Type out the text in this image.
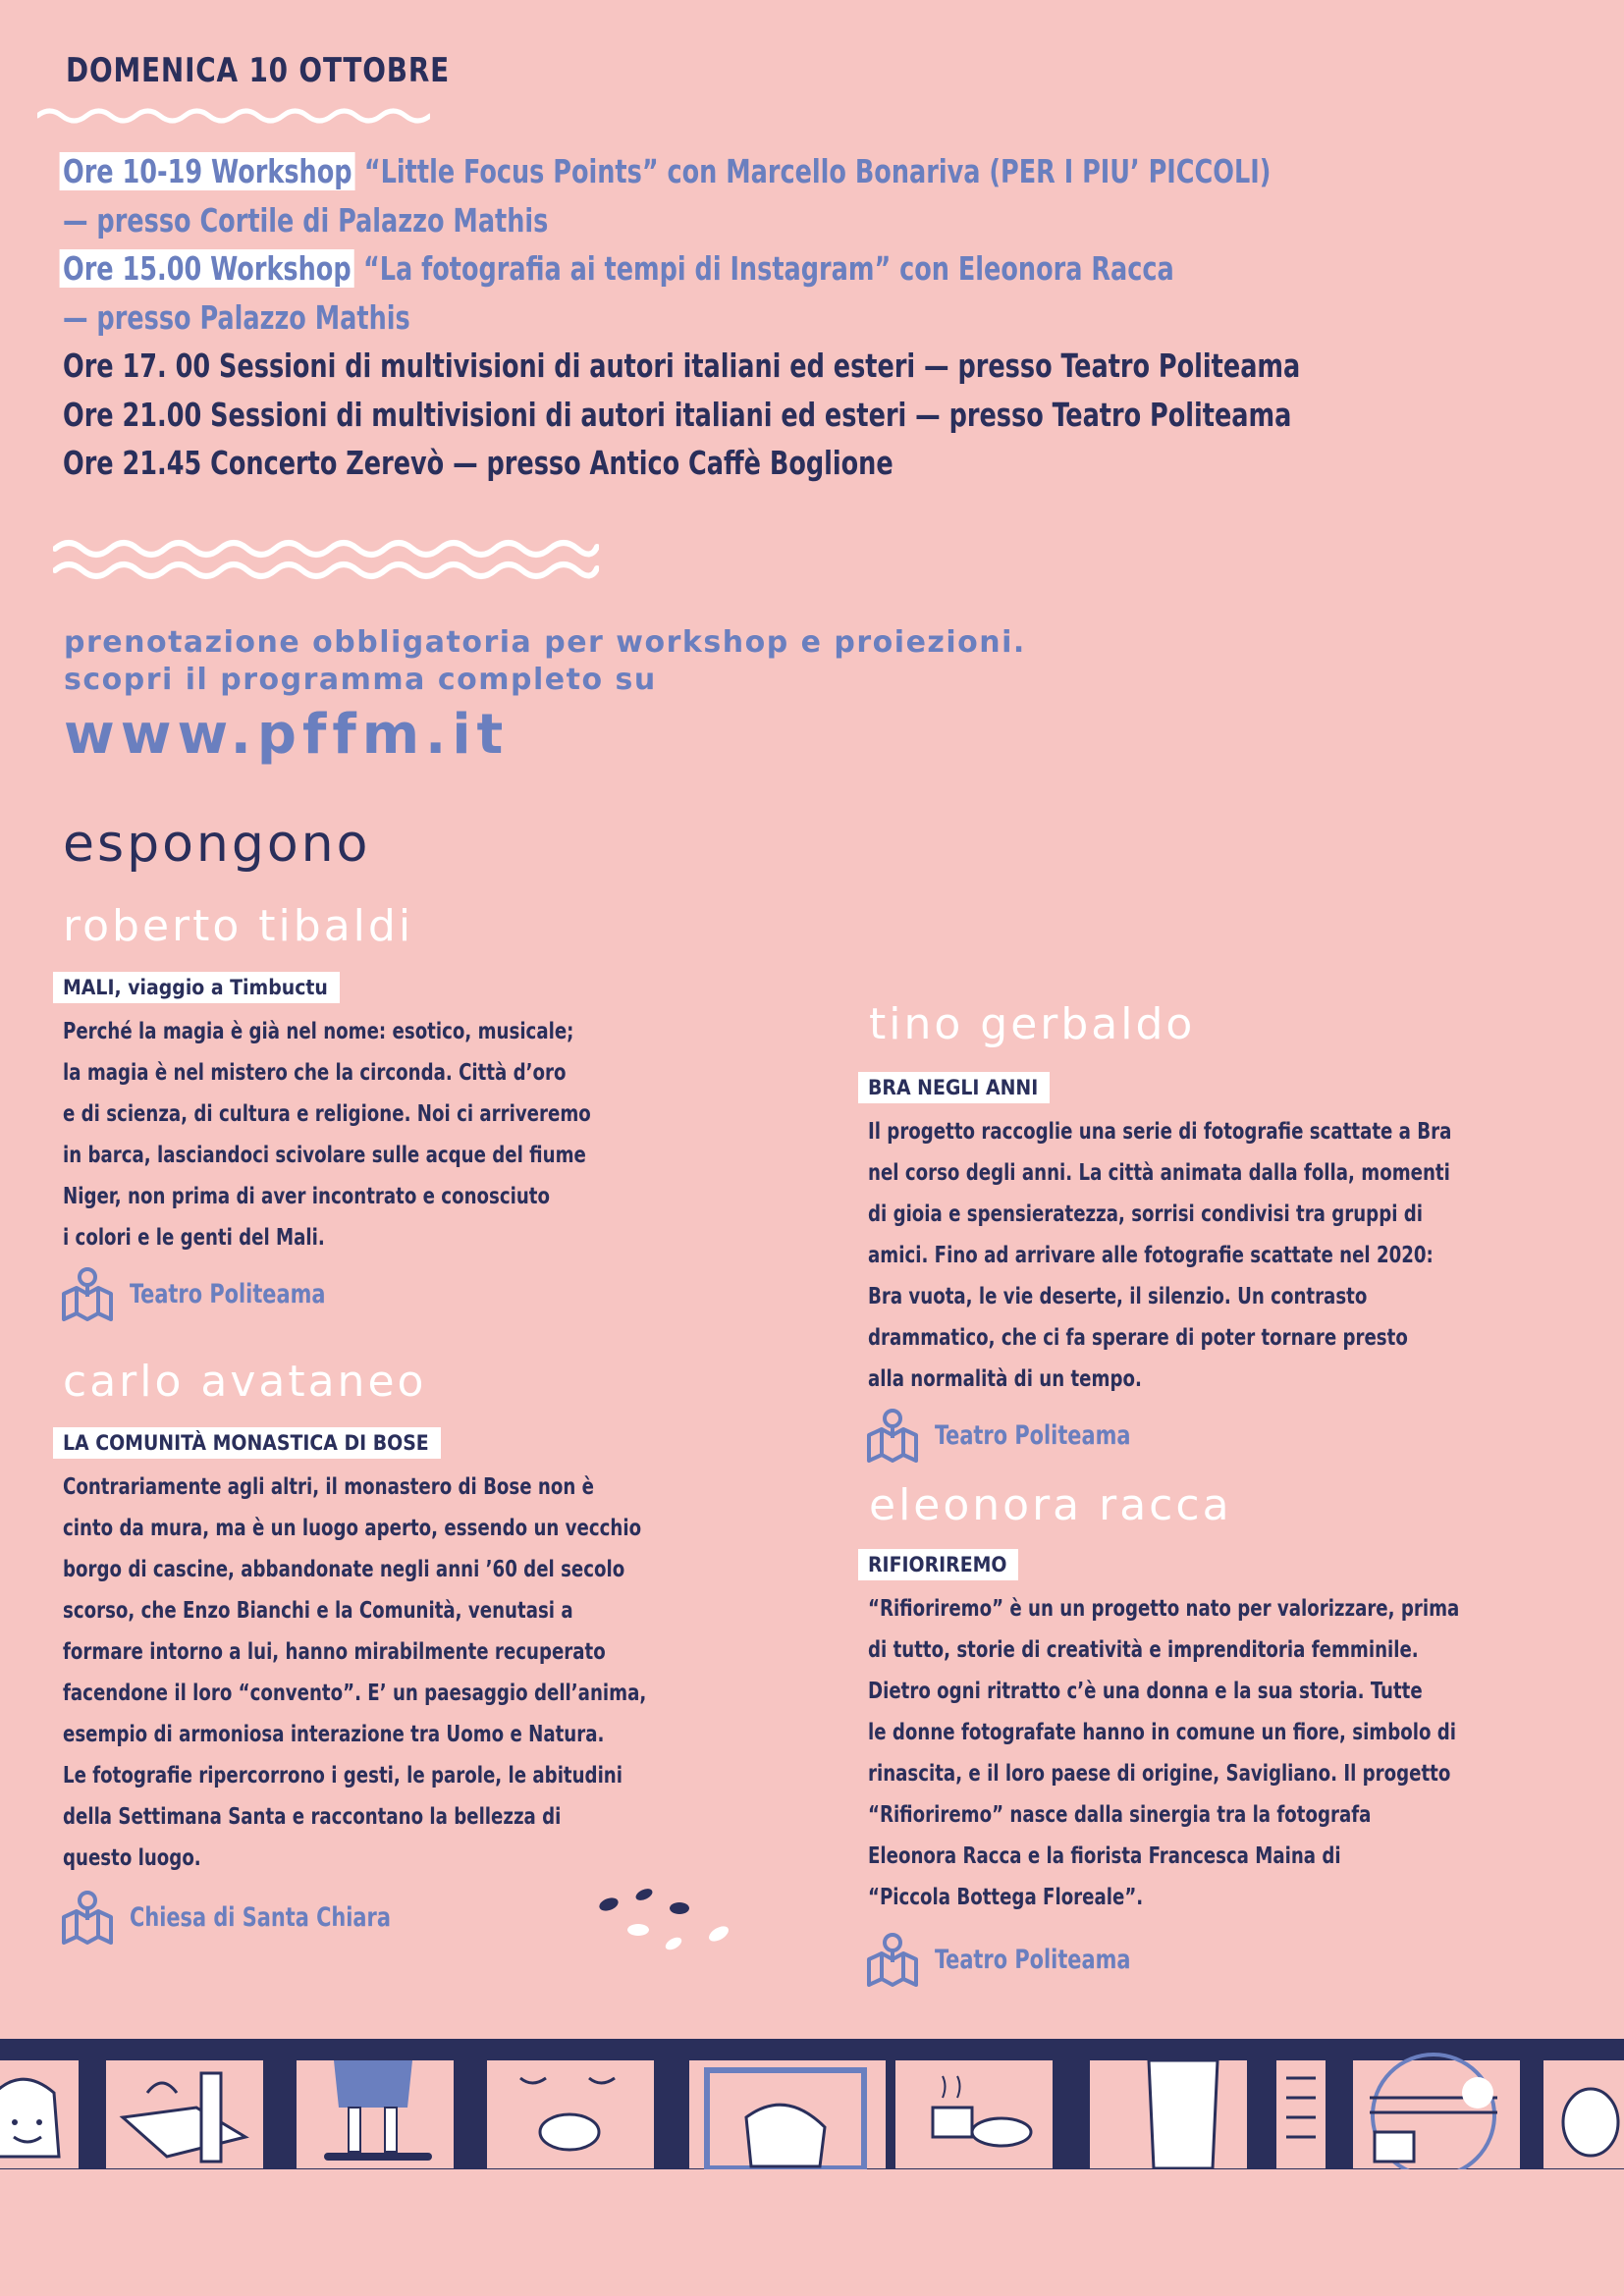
DOMENICA 10 OTTOBRE
Ore 10-19 Workshop “Little Focus Points” con Marcello Bonariva (PER I PIU’ PICCOLI)
— presso Cortile di Palazzo Mathis
Ore 15.00 Workshop “La fotografia ai tempi di Instagram” con Eleonora Racca
— presso Palazzo Mathis
Ore 17. 00 Sessioni di multivisioni di autori italiani ed esteri — presso Teatro Politeama
Ore 21.00 Sessioni di multivisioni di autori italiani ed esteri — presso Teatro Politeama
Ore 21.45 Concerto Zerevò — presso Antico Caffè Boglione
prenotazione obbligatoria per workshop e proiezioni.
scopri il programma completo su
www.pffm.it
espongono
roberto tibaldi
MALI, viaggio a Timbuctu
Perché la magia è già nel nome: esotico, musicale;
la magia è nel mistero che la circonda. Città d’oro
e di scienza, di cultura e religione. Noi ci arriveremo
in barca, lasciandoci scivolare sulle acque del fiume
Niger, non prima di aver incontrato e conosciuto
i colori e le genti del Mali.
Teatro Politeama
carlo avataneo
LA COMUNITÀ MONASTICA DI BOSE
Contrariamente agli altri, il monastero di Bose non è
cinto da mura, ma è un luogo aperto, essendo un vecchio
borgo di cascine, abbandonate negli anni ’60 del secolo
scorso, che Enzo Bianchi e la Comunità, venutasi a
formare intorno a lui, hanno mirabilmente recuperato
facendone il loro “convento”. E’ un paesaggio dell’anima,
esempio di armoniosa interazione tra Uomo e Natura.
Le fotografie ripercorrono i gesti, le parole, le abitudini
della Settimana Santa e raccontano la bellezza di
questo luogo.
Chiesa di Santa Chiara
tino gerbaldo
BRA NEGLI ANNI
Il progetto raccoglie una serie di fotografie scattate a Bra
nel corso degli anni. La città animata dalla folla, momenti
di gioia e spensieratezza, sorrisi condivisi tra gruppi di
amici. Fino ad arrivare alle fotografie scattate nel 2020:
Bra vuota, le vie deserte, il silenzio. Un contrasto
drammatico, che ci fa sperare di poter tornare presto
alla normalità di un tempo.
Teatro Politeama
eleonora racca
RIFIORIREMO
“Rifioriremo” è un un progetto nato per valorizzare, prima
di tutto, storie di creatività e imprenditoria femminile.
Dietro ogni ritratto c’è una donna e la sua storia. Tutte
le donne fotografate hanno in comune un fiore, simbolo di
rinascita, e il loro paese di origine, Savigliano. Il progetto
“Rifioriremo” nasce dalla sinergia tra la fotografa
Eleonora Racca e la fiorista Francesca Maina di
“Piccola Bottega Floreale”.
Teatro Politeama
